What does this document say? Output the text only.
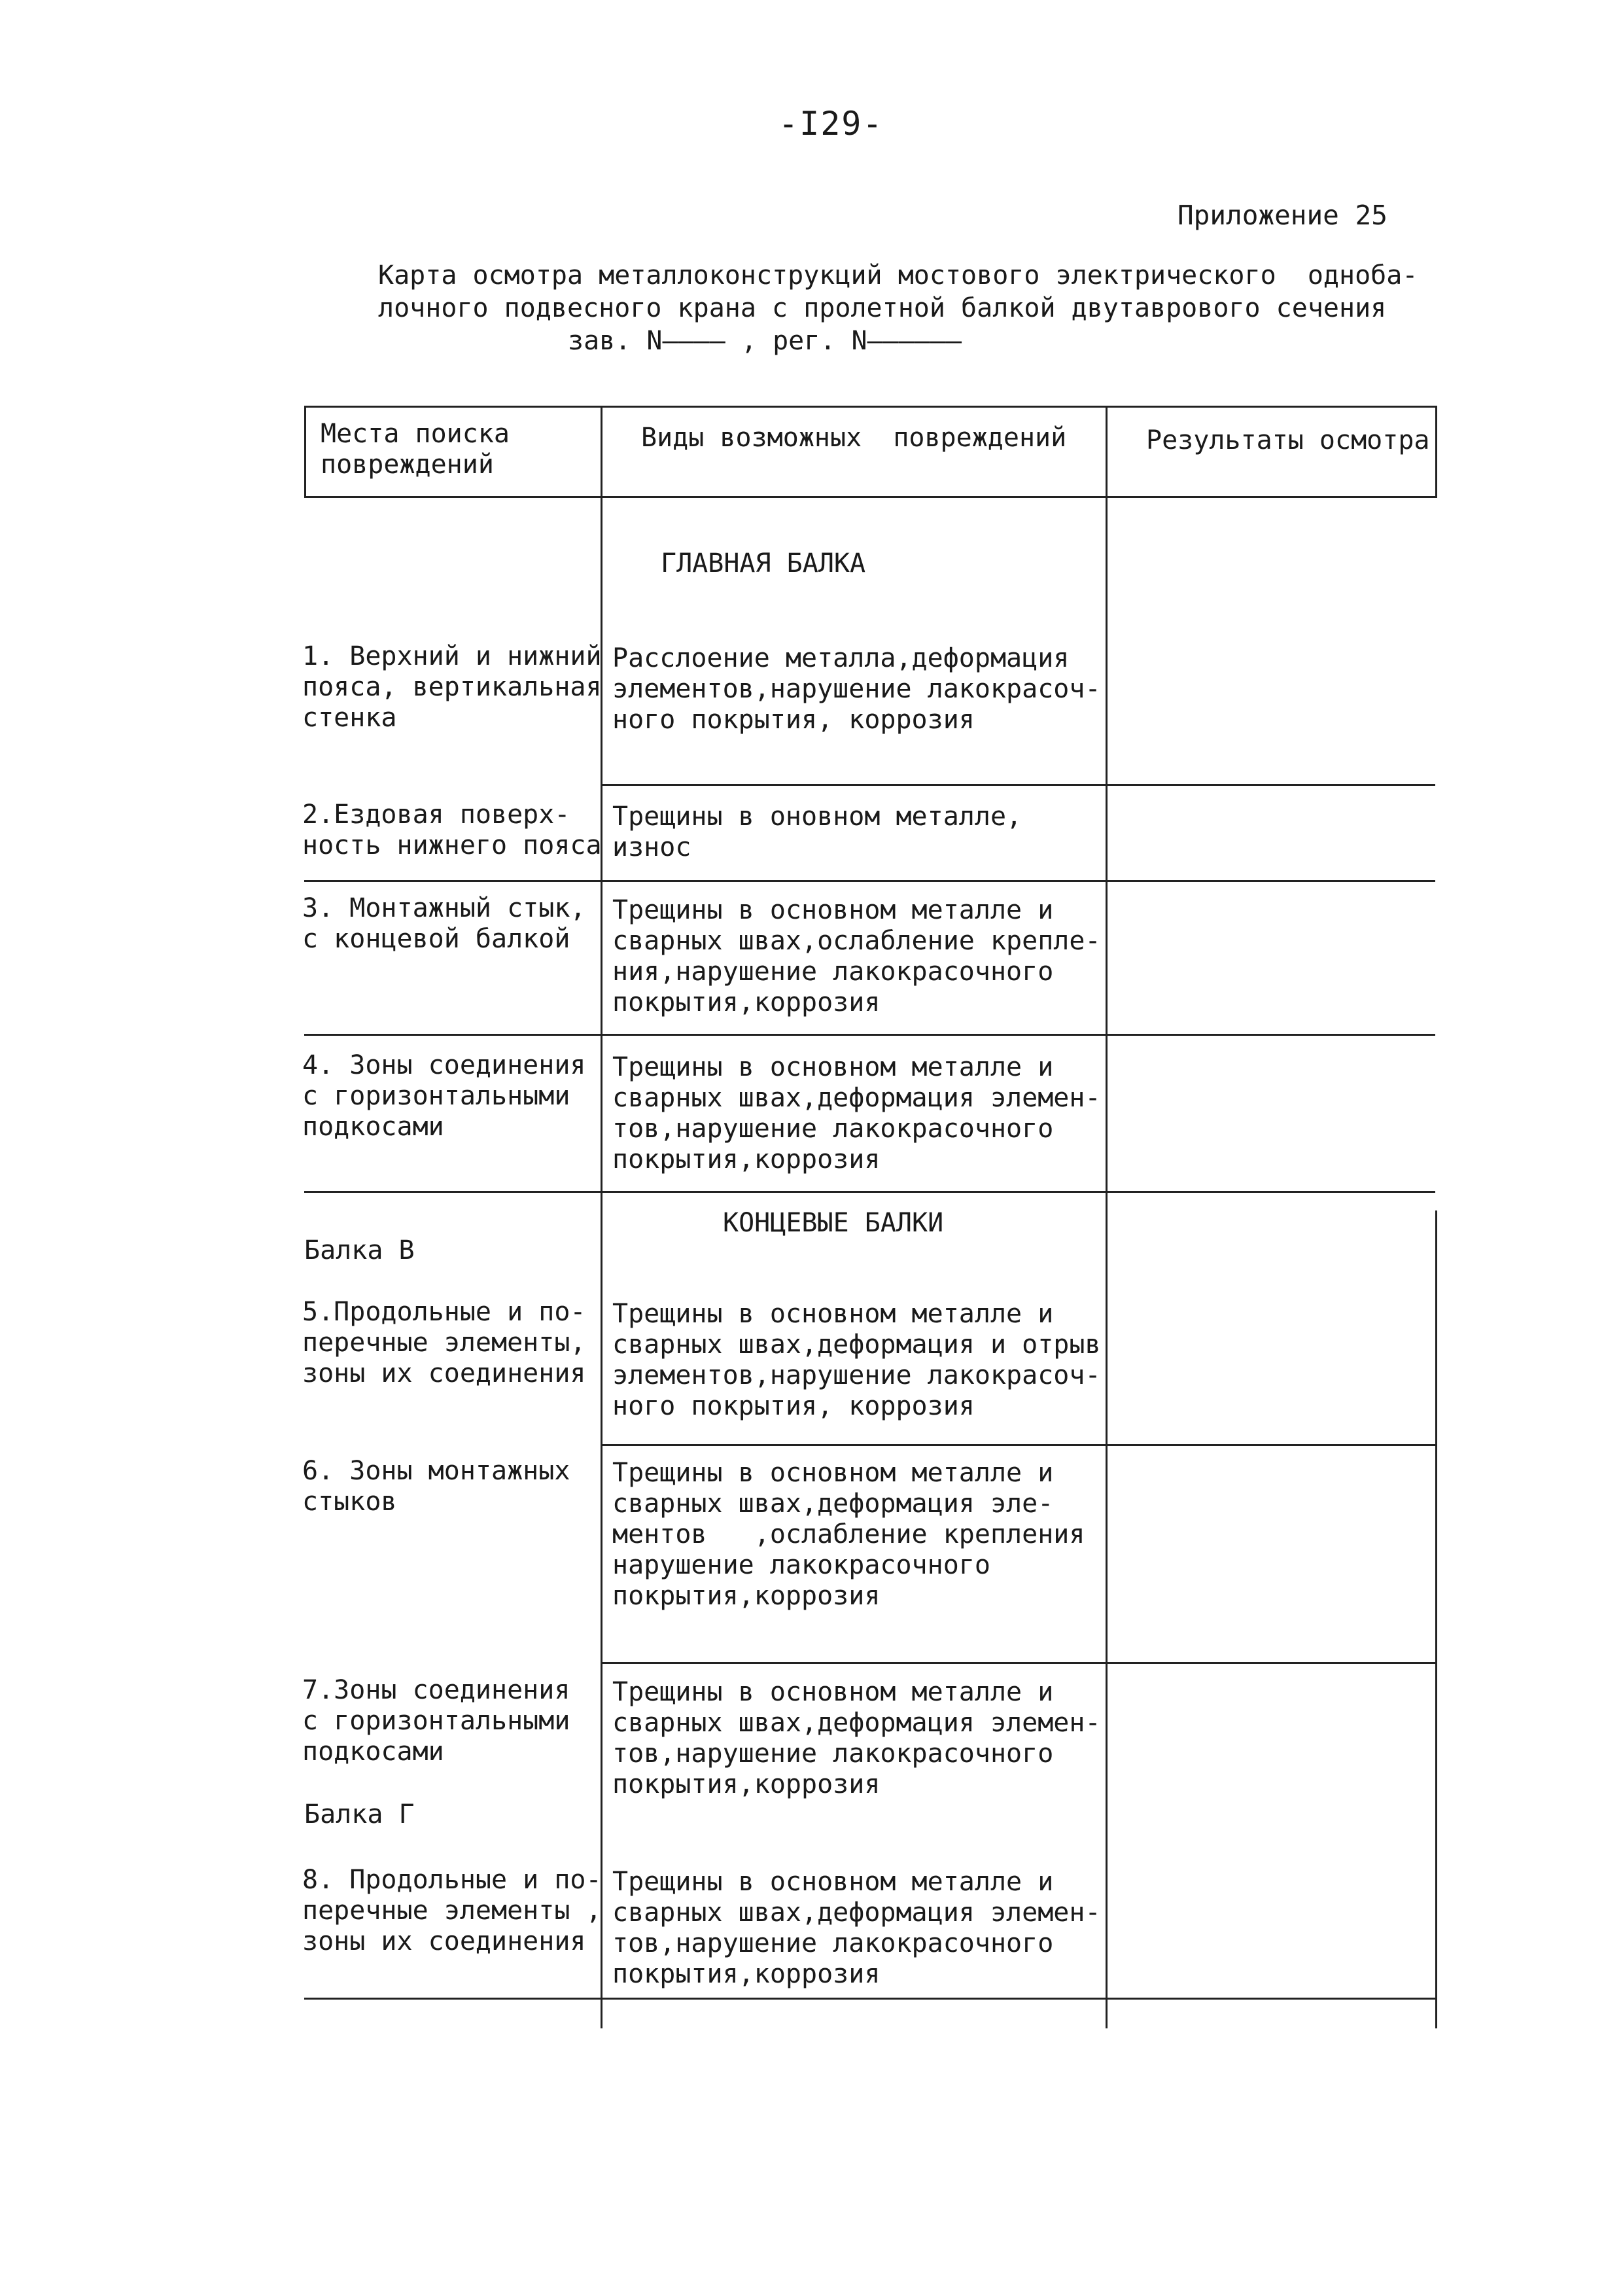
-I29-
Приложение 25
Карта осмотра металлоконструкций мостового электрического  одноба-
лочного подвесного крана с пролетной балкой двутаврового сечения
зав. N―――― , рег. N――――――
Места поиска
повреждений
Виды возможных  повреждений	Результаты осмотра
ГЛАВНАЯ БАЛКА
1. Верхний и нижний
пояса, вертикальная
стенка
Расслоение металла,деформация
элементов,нарушение лакокрасоч-
ного покрытия, коррозия
2.Ездовая поверх-
ность нижнего пояса
Трещины в оновном металле,
износ
3. Монтажный стык,
с концевой балкой
Трещины в основном металле и
сварных швах,ослабление крепле-
ния,нарушение лакокрасочного
покрытия,коррозия
4. Зоны соединения
с горизонтальными
подкосами
Трещины в основном металле и
сварных швах,деформация элемен-
тов,нарушение лакокрасочного
покрытия,коррозия
КОНЦЕВЫЕ БАЛКИ
Балка В
5.Продольные и по-
перечные элементы,
зоны их соединения
Трещины в основном металле и
сварных швах,деформация и отрыв
элементов,нарушение лакокрасоч-
ного покрытия, коррозия
6. Зоны монтажных
стыков
Трещины в основном металле и
сварных швах,деформация эле-
ментов   ,ослабление крепления
нарушение лакокрасочного
покрытия,коррозия
7.Зоны соединения
с горизонтальными
подкосами
Трещины в основном металле и
сварных швах,деформация элемен-
тов,нарушение лакокрасочного
покрытия,коррозия
Балка Г
8. Продольные и по-
перечные элементы ,
зоны их соединения
Трещины в основном металле и
сварных швах,деформация элемен-
тов,нарушение лакокрасочного
покрытия,коррозия
